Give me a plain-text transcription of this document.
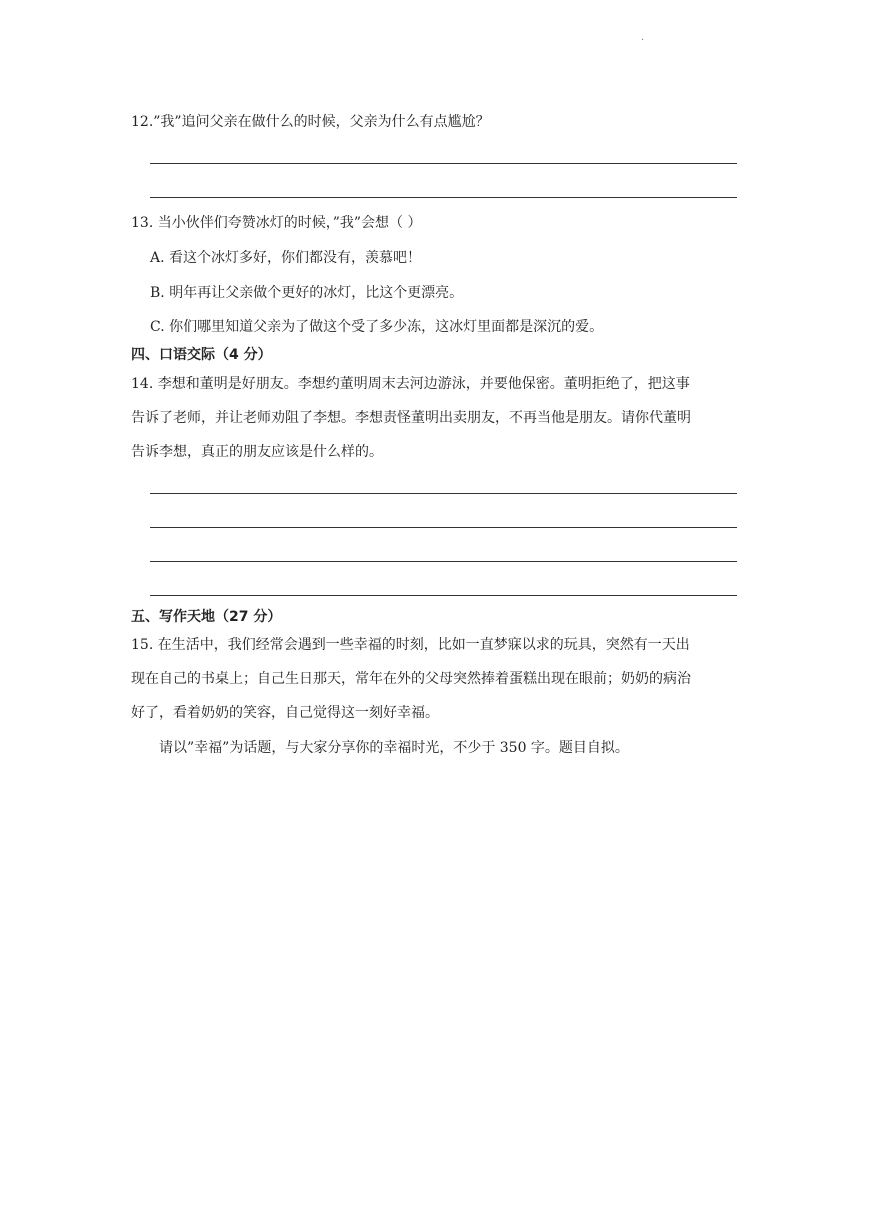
·
12.”我”追问父亲在做什么的时候，父亲为什么有点尴尬？
13. 当小伙伴们夸赞冰灯的时候，”我”会想（ ）
A. 看这个冰灯多好，你们都没有，羡慕吧！
B. 明年再让父亲做个更好的冰灯，比这个更漂亮。
C. 你们哪里知道父亲为了做这个受了多少冻，这冰灯里面都是深沉的爱。
四、口语交际（4 分）
14. 李想和董明是好朋友。李想约董明周末去河边游泳，并要他保密。董明拒绝了，把这事
告诉了老师，并让老师劝阻了李想。李想责怪董明出卖朋友，不再当他是朋友。请你代董明
告诉李想，真正的朋友应该是什么样的。
五、写作天地（27 分）
15. 在生活中，我们经常会遇到一些幸福的时刻，比如一直梦寐以求的玩具，突然有一天出
现在自己的书桌上；自己生日那天，常年在外的父母突然捧着蛋糕出现在眼前；奶奶的病治
好了，看着奶奶的笑容，自己觉得这一刻好幸福。
请以”幸福”为话题，与大家分享你的幸福时光，不少于 350 字。题目自拟。
